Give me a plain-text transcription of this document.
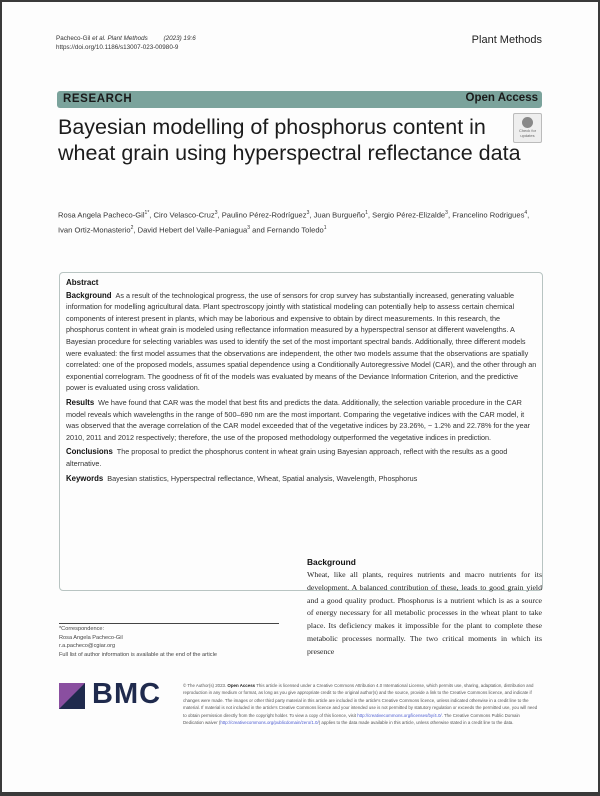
Pacheco-Gil et al. Plant Methods	(2023) 19:6
https://doi.org/10.1186/s13007-023-00980-9
Plant Methods
RESEARCH	Open Access
Check for
updates
Bayesian modelling of phosphorus content in wheat grain using hyperspectral reflectance data
Rosa Angela Pacheco-Gil$^{1*}$, Ciro Velasco-Cruz$^3$, Paulino Pérez-Rodríguez$^3$, Juan Burgueño$^1$, Sergio Pérez-Elizalde$^3$, Francelino Rodrigues$^4$, Ivan Ortiz-Monasterio$^2$, David Hebert del Valle-Paniagua$^3$ and Fernando Toledo$^1$
Abstract
Background As a result of the technological progress, the use of sensors for crop survey has substantially increased, generating valuable information for modelling agricultural data. Plant spectroscopy jointly with statistical modeling can potentially help to assess certain chemical components of interest present in plants, which may be laborious and expensive to obtain by direct measurements. In this research, the phosphorus content in wheat grain is modeled using reflectance information measured by a hyperspectral sensor at different wavelengths. A Bayesian procedure for selecting variables was used to identify the set of the most important spectral bands. Additionally, three different models were evaluated: the first model assumes that the observations are independent, the other two models assume that the observations are spatially correlated: one of the proposed models, assumes spatial dependence using a Conditionally Autoregressive Model (CAR), and the other through an exponential correlogram. The goodness of fit of the models was evaluated by means of the Deviance Information Criterion, and the predictive power is evaluated using cross validation.
Results We have found that CAR was the model that best fits and predicts the data. Additionally, the selection variable procedure in the CAR model reveals which wavelengths in the range of 500–690 nm are the most important. Comparing the vegetative indices with the CAR model, it was observed that the average correlation of the CAR model exceeded that of the vegetative indices by 23.26%, − 1.2% and 22.78% for the year 2010, 2011 and 2012 respectively; therefore, the use of the proposed methodology outperformed the vegetative indices in prediction.
Conclusions The proposal to predict the phosphorus content in wheat grain using Bayesian approach, reflect with the results as a good alternative.
Keywords Bayesian statistics, Hyperspectral reflectance, Wheat, Spatial analysis, Wavelength, Phosphorus
Background
Wheat, like all plants, requires nutrients and macro nutrients for its development. A balanced contribution of these, leads to good grain yield and a good quality product. Phosphorus is a nutrient which is as a source of energy necessary for all metabolic processes in the wheat plant to take place. Its deficiency makes it impossible for the plant to complete these metabolic processes normally. The two critical moments in which its presence
*Correspondence:
Rosa Angela Pacheco-Gil
r.a.pacheco@cgiar.org
Full list of author information is available at the end of the article
BMC	© The Author(s) 2023. Open Access This article is licensed under a Creative Commons Attribution 4.0 International License, which permits use, sharing, adaptation, distribution and reproduction in any medium or format, as long as you give appropriate credit to the original author(s) and the source, provide a link to the Creative Commons licence, and indicate if changes were made. The images or other third party material in this article are included in the article's Creative Commons licence, unless indicated otherwise in a credit line to the material. If material is not included in the article's Creative Commons licence and your intended use is not permitted by statutory regulation or exceeds the permitted use, you will need to obtain permission directly from the copyright holder. To view a copy of this licence, visit http://creativecommons.org/licenses/by/4.0/. The Creative Commons Public Domain Dedication waiver (http://creativecommons.org/publicdomain/zero/1.0/) applies to the data made available in this article, unless otherwise stated in a credit line to the data.
